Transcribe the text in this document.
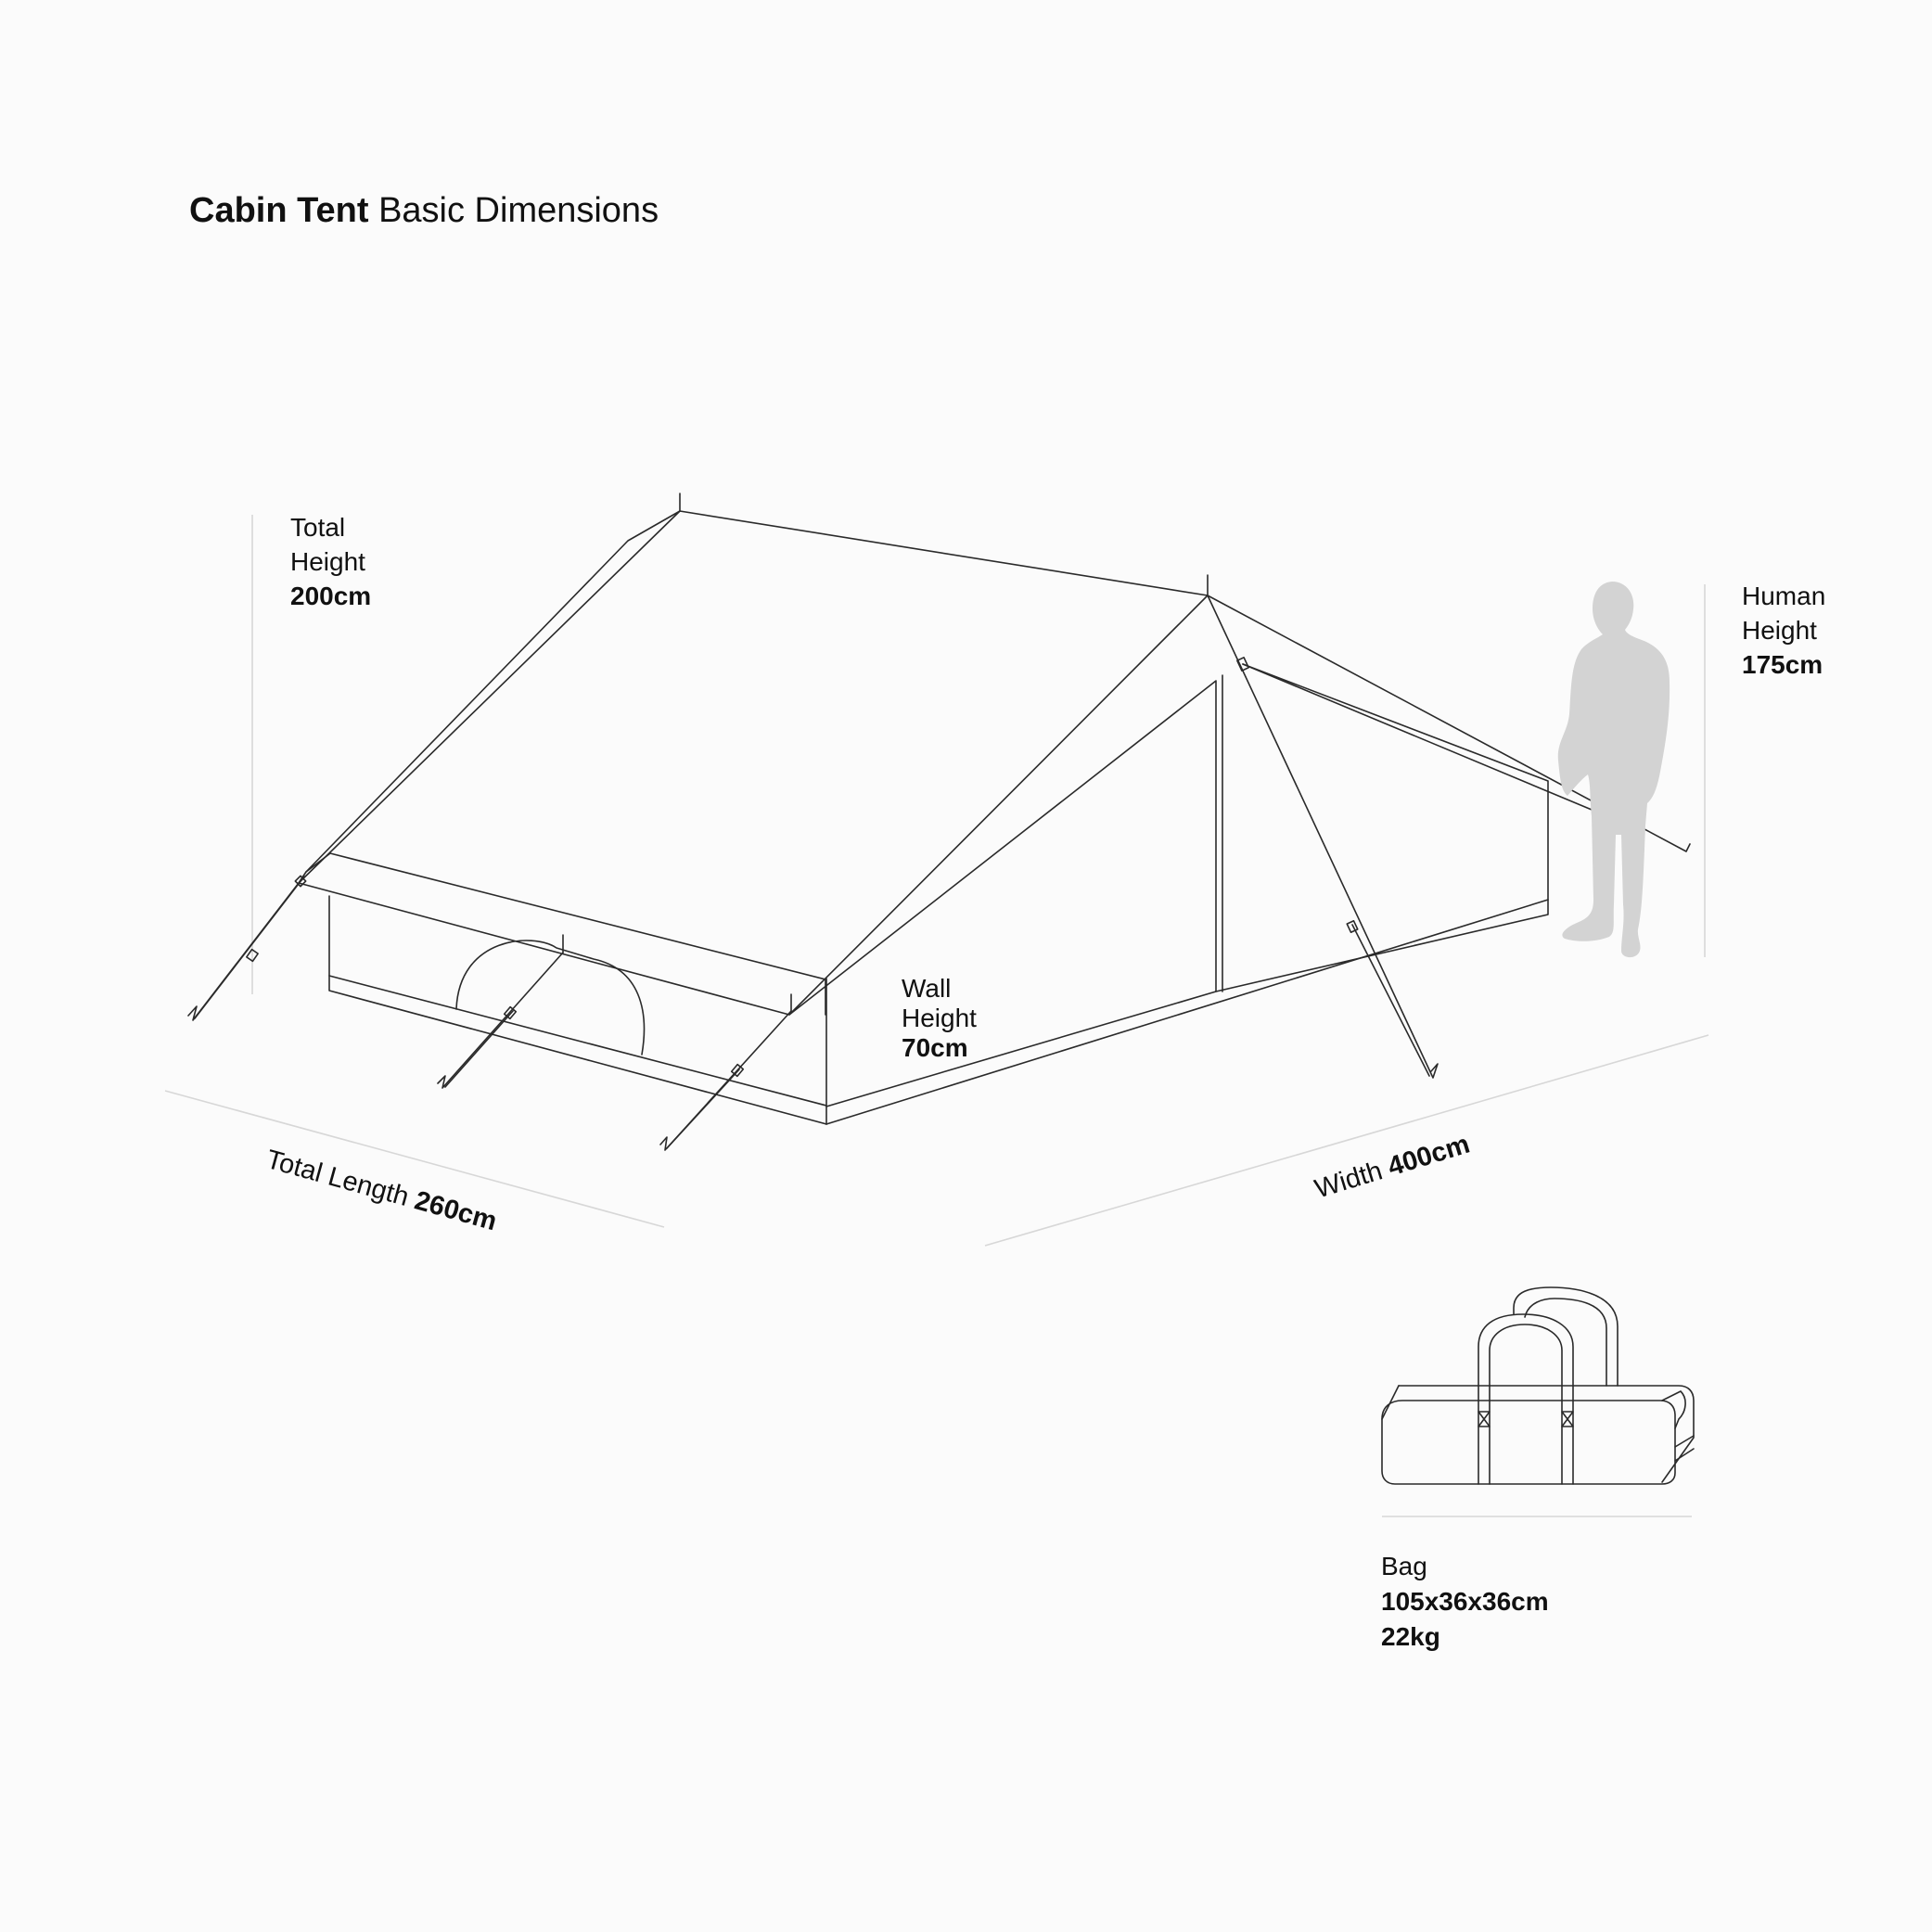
Cabin Tent Basic Dimensions
Total
Height
200cm	Human
Height
175cm
Wall
Height
70cm
Total Length 260cm
Width 400cm
Bag
105x36x36cm
22kg
